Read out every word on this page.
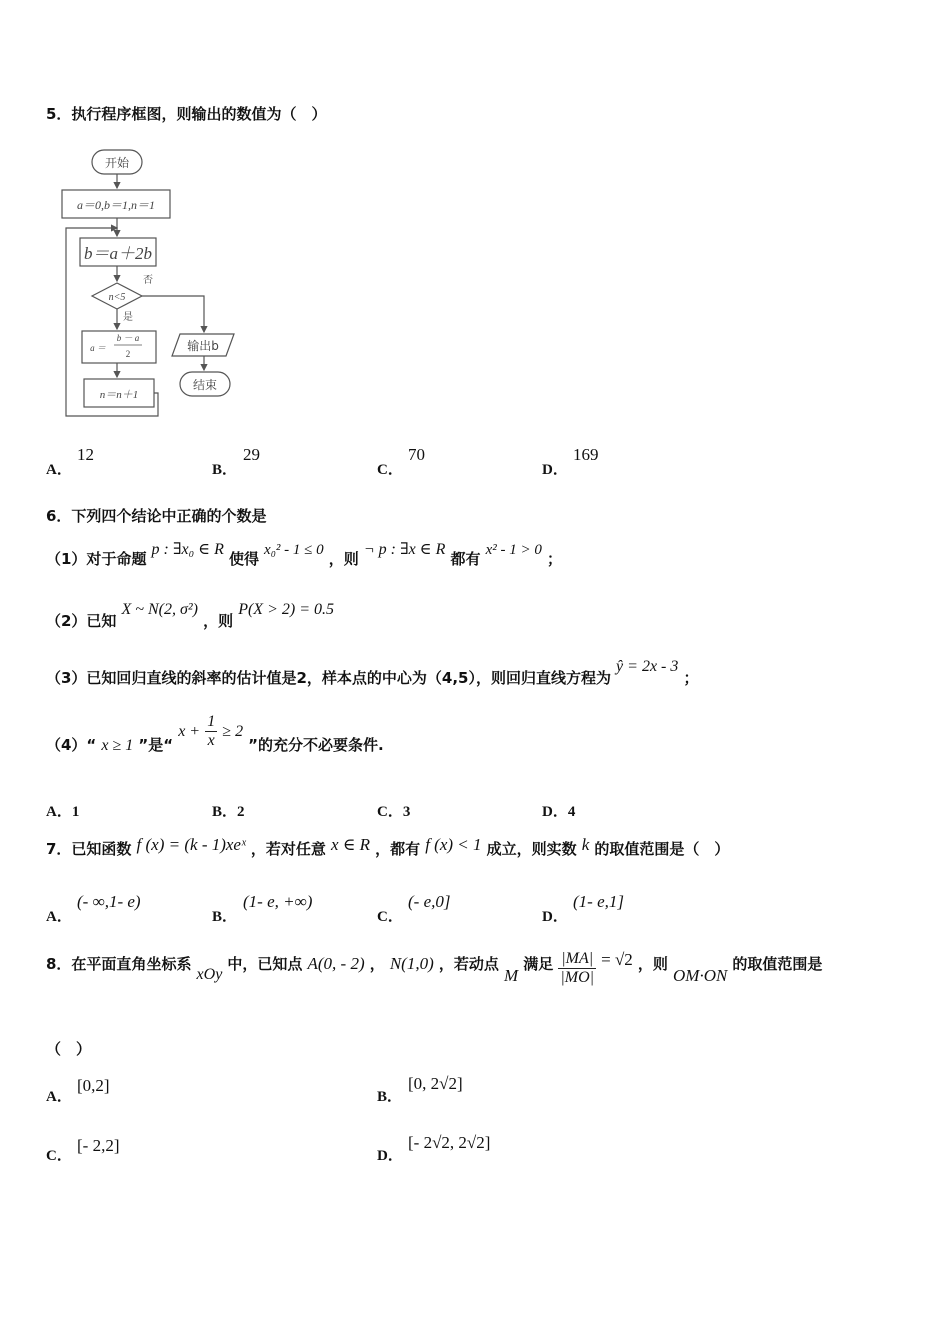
5．执行程序框图，则输出的数值为（　）
开始
a＝0,b＝1,n＝1
b＝a＋2b
n<5
否
是
a ＝
b － a
2
n＝n＋1
输出b
结束
A．
12
B．
29
C．
70
D．
169
6．下列四个结论中正确的个数是
（1）对于命题 p : ∃x₀ ∈ R 使得 x₀² - 1 ≤ 0 ，则 ¬ p : ∃x ∈ R 都有 x² - 1 > 0 ；
（2）已知 X ~ N(2, σ²) ，则 P(X > 2) = 0.5
（3）已知回归直线的斜率的估计值是2，样本点的中心为（4,5），则回归直线方程为 ŷ = 2x - 3 ；
（4）“ x ≥ 1 ”是“ $x + \frac{1}{x} \ge 2$ ”的充分不必要条件.
A．1	B．2	C．3	D．4
7．已知函数 f (x) = (k - 1)xeˣ ，若对任意 x ∈ R ，都有 f (x) < 1 成立，则实数 k 的取值范围是（　）
A．
(- ∞,1- e)
B．
(1- e, +∞)
C．
(- e,0]
D．
(1- e,1]
8．在平面直角坐标系 xOy 中，已知点 A(0, - 2) ， N(1,0) ，若动点 M 满足 $\frac{|MA|}{|MO|} = √2$ ，则 OM·ON 的取值范围是
（　）
A．
[0,2]
B．
[0, 2√2]
C．
[- 2,2]
D．
[- 2√2, 2√2]
